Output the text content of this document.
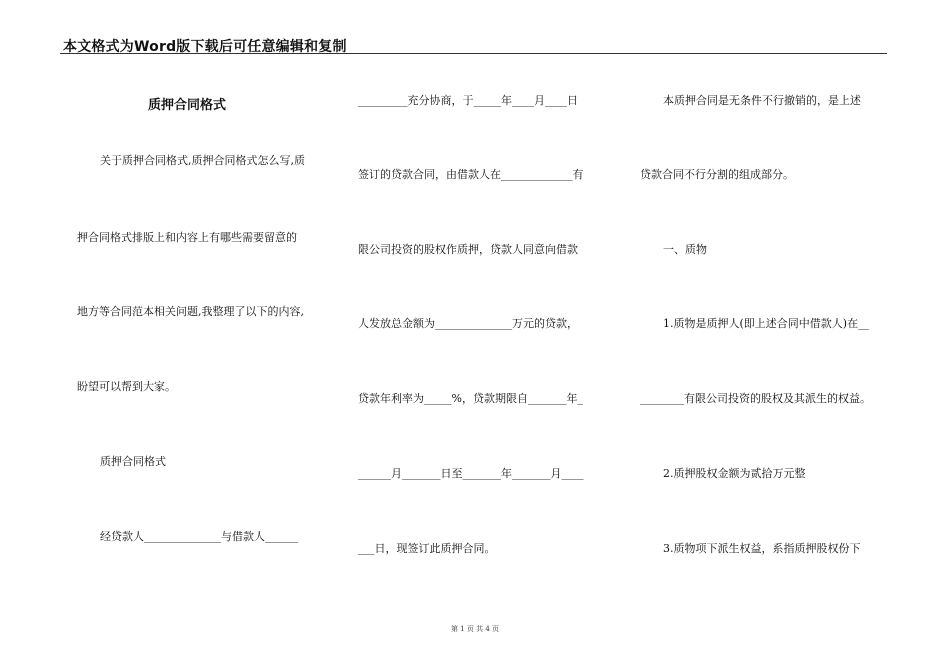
本文格式为Word版下载后可任意编辑和复制
质押合同格式
关于质押合同格式,质押合同格式怎么写,质
押合同格式排版上和内容上有哪些需要留意的
地方等合同范本相关问题,我整理了以下的内容,
盼望可以帮到大家。
质押合同格式
经贷款人______________与借款人______
_________充分协商，于_____年____月____日
签订的贷款合同，由借款人在_____________有
限公司投资的股权作质押，贷款人同意向借款
人发放总金额为______________万元的贷款，
贷款年利率为_____%，贷款期限自_______年_
______月_______日至_______年_______月____
___日，现签订此质押合同。
本质押合同是无条件不行撤销的，是上述
贷款合同不行分割的组成部分。
一、质物
1.质物是质押人(即上述合同中借款人)在__
________有限公司投资的股权及其派生的权益。
2.质押股权金额为贰拾万元整
3.质物项下派生权益，系指质押股权份下
第 1 页 共 4 页
